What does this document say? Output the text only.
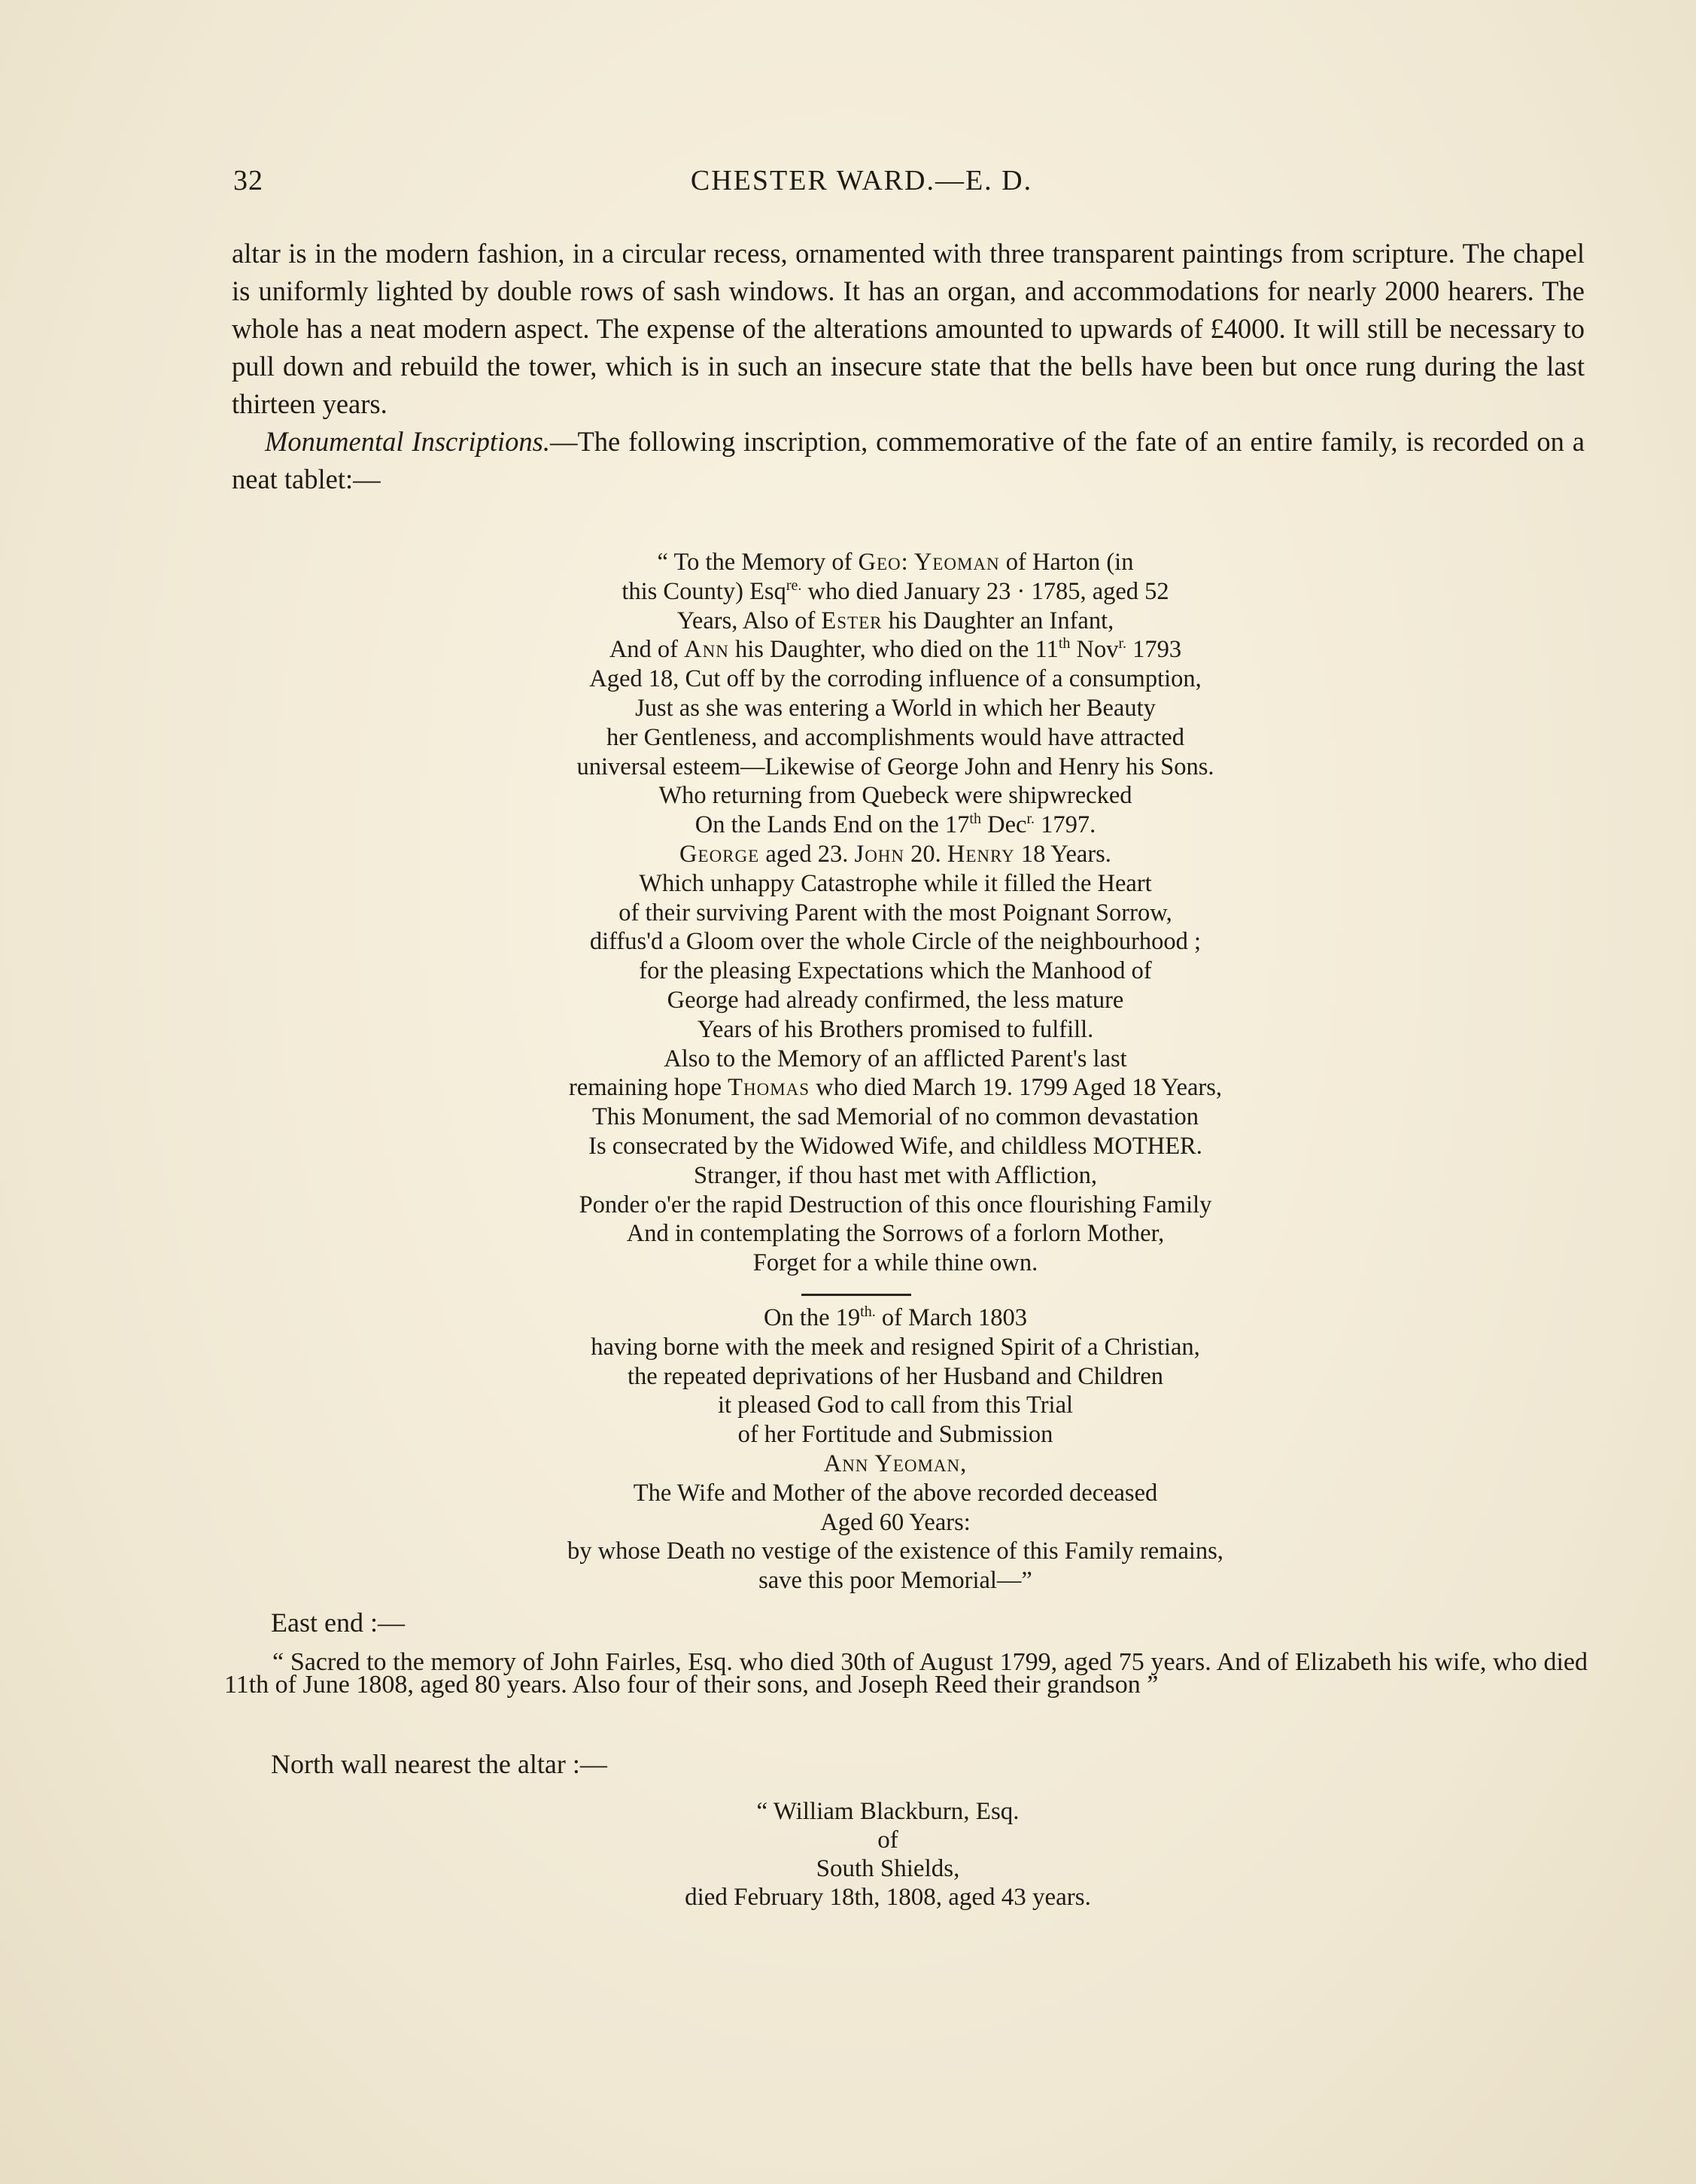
32	CHESTER WARD.—E. D.

altar is in the modern fashion, in a circular recess, ornamented with three transparent paintings from scripture. The chapel is uniformly lighted by double rows of sash windows. It has an organ, and accommodations for nearly 2000 hearers. The whole has a neat modern aspect. The expense of the alterations amounted to upwards of £4000. It will still be necessary to pull down and rebuild the tower, which is in such an insecure state that the bells have been but once rung during the last thirteen years.

Monumental Inscriptions.—The following inscription, commemorative of the fate of an entire family, is recorded on a neat tablet:—

“ To the Memory of Geo: Yeoman of Harton (in
this County) Esq$^{re.}$ who died January 23 · 1785, aged 52
Years, Also of Ester his Daughter an Infant,
And of Ann his Daughter, who died on the 11th Nov$^{r.}$ 1793
Aged 18, Cut off by the corroding influence of a consumption,
Just as she was entering a World in which her Beauty
her Gentleness, and accomplishments would have attracted
universal esteem—Likewise of George John and Henry his Sons.
Who returning from Quebeck were shipwrecked
On the Lands End on the 17th Dec$^{r.}$ 1797.
George aged 23. John 20. Henry 18 Years.
Which unhappy Catastrophe while it filled the Heart
of their surviving Parent with the most Poignant Sorrow,
diffus'd a Gloom over the whole Circle of the neighbourhood ;
for the pleasing Expectations which the Manhood of
George had already confirmed, the less mature
Years of his Brothers promised to fulfill.
Also to the Memory of an afflicted Parent's last
remaining hope Thomas who died March 19. 1799 Aged 18 Years,
This Monument, the sad Memorial of no common devastation
Is consecrated by the Widowed Wife, and childless MOTHER.
Stranger, if thou hast met with Affliction,
Ponder o'er the rapid Destruction of this once flourishing Family
And in contemplating the Sorrows of a forlorn Mother,
Forget for a while thine own.
On the $19^{th.}$ of March 1803
having borne with the meek and resigned Spirit of a Christian,
the repeated deprivations of her Husband and Children
it pleased God to call from this Trial
of her Fortitude and Submission
Ann Yeoman,
The Wife and Mother of the above recorded deceased
Aged 60 Years:
by whose Death no vestige of the existence of this Family remains,
save this poor Memorial—”
East end :—
“ Sacred to the memory of John Fairles, Esq. who died 30th of August 1799, aged 75 years. And of Elizabeth his wife, who died 11th of June 1808, aged 80 years. Also four of their sons, and Joseph Reed their grandson ”
North wall nearest the altar :—
“ William Blackburn, Esq.
of
South Shields,
died February 18th, 1808, aged 43 years.
